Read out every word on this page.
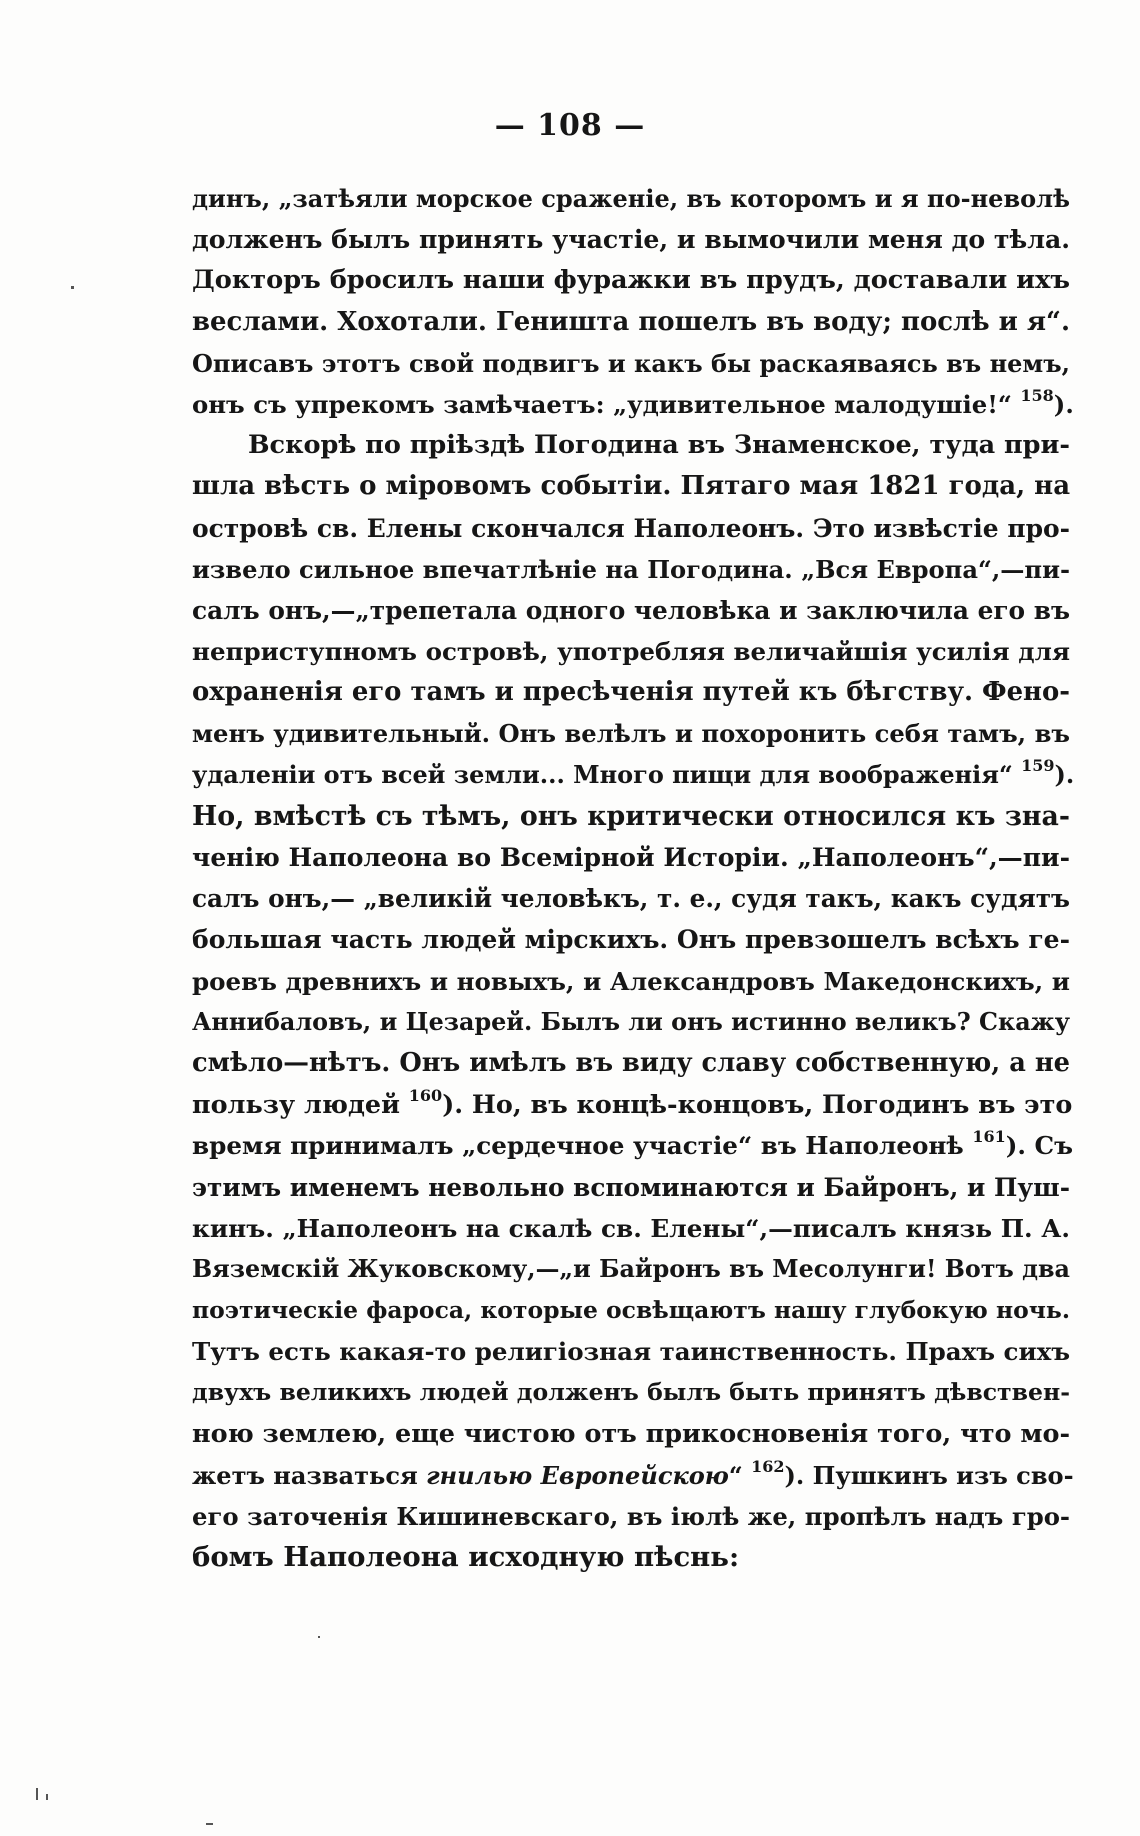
— 108 —
динъ, „затѣяли морское сраженіе, въ которомъ и я по-неволѣ
долженъ былъ принять участіе, и вымочили меня до тѣла.
Докторъ бросилъ наши фуражки въ прудъ, доставали ихъ
веслами. Хохотали. Геништа пошелъ въ воду; послѣ и я“.
Описавъ этотъ свой подвигъ и какъ бы раскаяваясь въ немъ,
онъ съ упрекомъ замѣчаетъ: „удивительное малодушіе!“ $^{158}$).
Вскорѣ по пріѣздѣ Погодина въ Знаменское, туда при-
шла вѣсть о міровомъ событіи. Пятаго мая 1821 года, на
островѣ св. Елены скончался Наполеонъ. Это извѣстіе про-
извело сильное впечатлѣніе на Погодина. „Вся Европа“,—пи-
салъ онъ,—„трепетала одного человѣка и заключила его въ
неприступномъ островѣ, употребляя величайшія усилія для
охраненія его тамъ и пресѣченія путей къ бѣгству. Фено-
менъ удивительный. Онъ велѣлъ и похоронить себя тамъ, въ
удаленіи отъ всей земли... Много пищи для воображенія“ $^{159}$).
Но, вмѣстѣ съ тѣмъ, онъ критически относился къ зна-
ченію Наполеона во Всемірной Исторіи. „Наполеонъ“,—пи-
салъ онъ,— „великій человѣкъ, т. е., судя такъ, какъ судятъ
большая часть людей мірскихъ. Онъ превзошелъ всѣхъ ге-
роевъ древнихъ и новыхъ, и Александровъ Македонскихъ, и
Аннибаловъ, и Цезарей. Былъ ли онъ истинно великъ? Скажу
смѣло—нѣтъ. Онъ имѣлъ въ виду славу собственную, а не
пользу людей $^{160}$). Но, въ концѣ-концовъ, Погодинъ въ это
время принималъ „сердечное участіе“ въ Наполеонѣ $^{161}$). Съ
этимъ именемъ невольно вспоминаются и Байронъ, и Пуш-
кинъ. „Наполеонъ на скалѣ св. Елены“,—писалъ князь П. А.
Вяземскій Жуковскому,—„и Байронъ въ Месолунги! Вотъ два
поэтическіе фароса, которые освѣщаютъ нашу глубокую ночь.
Тутъ есть какая-то религіозная таинственность. Прахъ сихъ
двухъ великихъ людей долженъ былъ быть принятъ дѣвствен-
ною землею, еще чистою отъ прикосновенія того, что мо-
жетъ назваться гнилью Европейскою“ $^{162}$). Пушкинъ изъ сво-
его заточенія Кишиневскаго, въ іюлѣ же, пропѣлъ надъ гро-
бомъ Наполеона исходную пѣснь:
